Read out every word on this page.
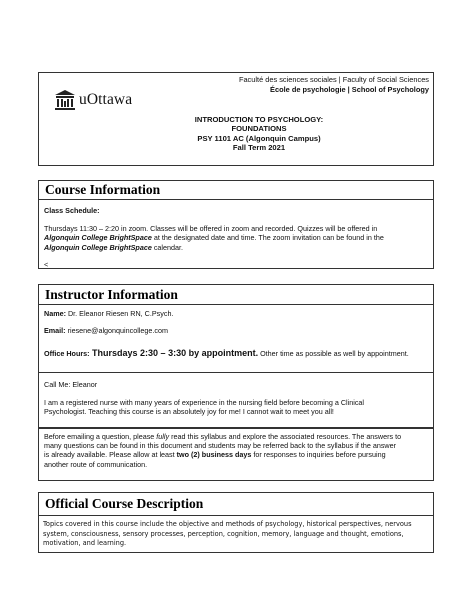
uOttawa
Faculté des sciences sociales | Faculty of Social Sciences
École de psychologie | School of Psychology
INTRODUCTION TO PSYCHOLOGY:
FOUNDATIONS
PSY 1101 AC (Algonquin Campus)
Fall Term 2021
Course Information
Class Schedule:
Thursdays 11:30 – 2:20 in zoom. Classes will be offered in zoom and recorded. Quizzes will be offered in
Algonquin College BrightSpace at the designated date and time. The zoom invitation can be found in the
Algonquin College BrightSpace calendar.
<
Instructor Information
Name: Dr. Eleanor Riesen RN, C.Psych.
Email: riesene@algonquincollege.com
Office Hours: Thursdays 2:30 – 3:30 by appointment. Other time as possible as well by appointment.
Call Me: Eleanor
I am a registered nurse with many years of experience in the nursing field before becoming a Clinical
Psychologist. Teaching this course is an absolutely joy for me! I cannot wait to meet you all!
Before emailing a question, please fully read this syllabus and explore the associated resources. The answers to
many questions can be found in this document and students may be referred back to the syllabus if the answer
is already available. Please allow at least two (2) business days for responses to inquiries before pursuing
another route of communication.
Official Course Description
Topics covered in this course include the objective and methods of psychology, historical perspectives, nervous
system, consciousness, sensory processes, perception, cognition, memory, language and thought, emotions,
motivation, and learning.
